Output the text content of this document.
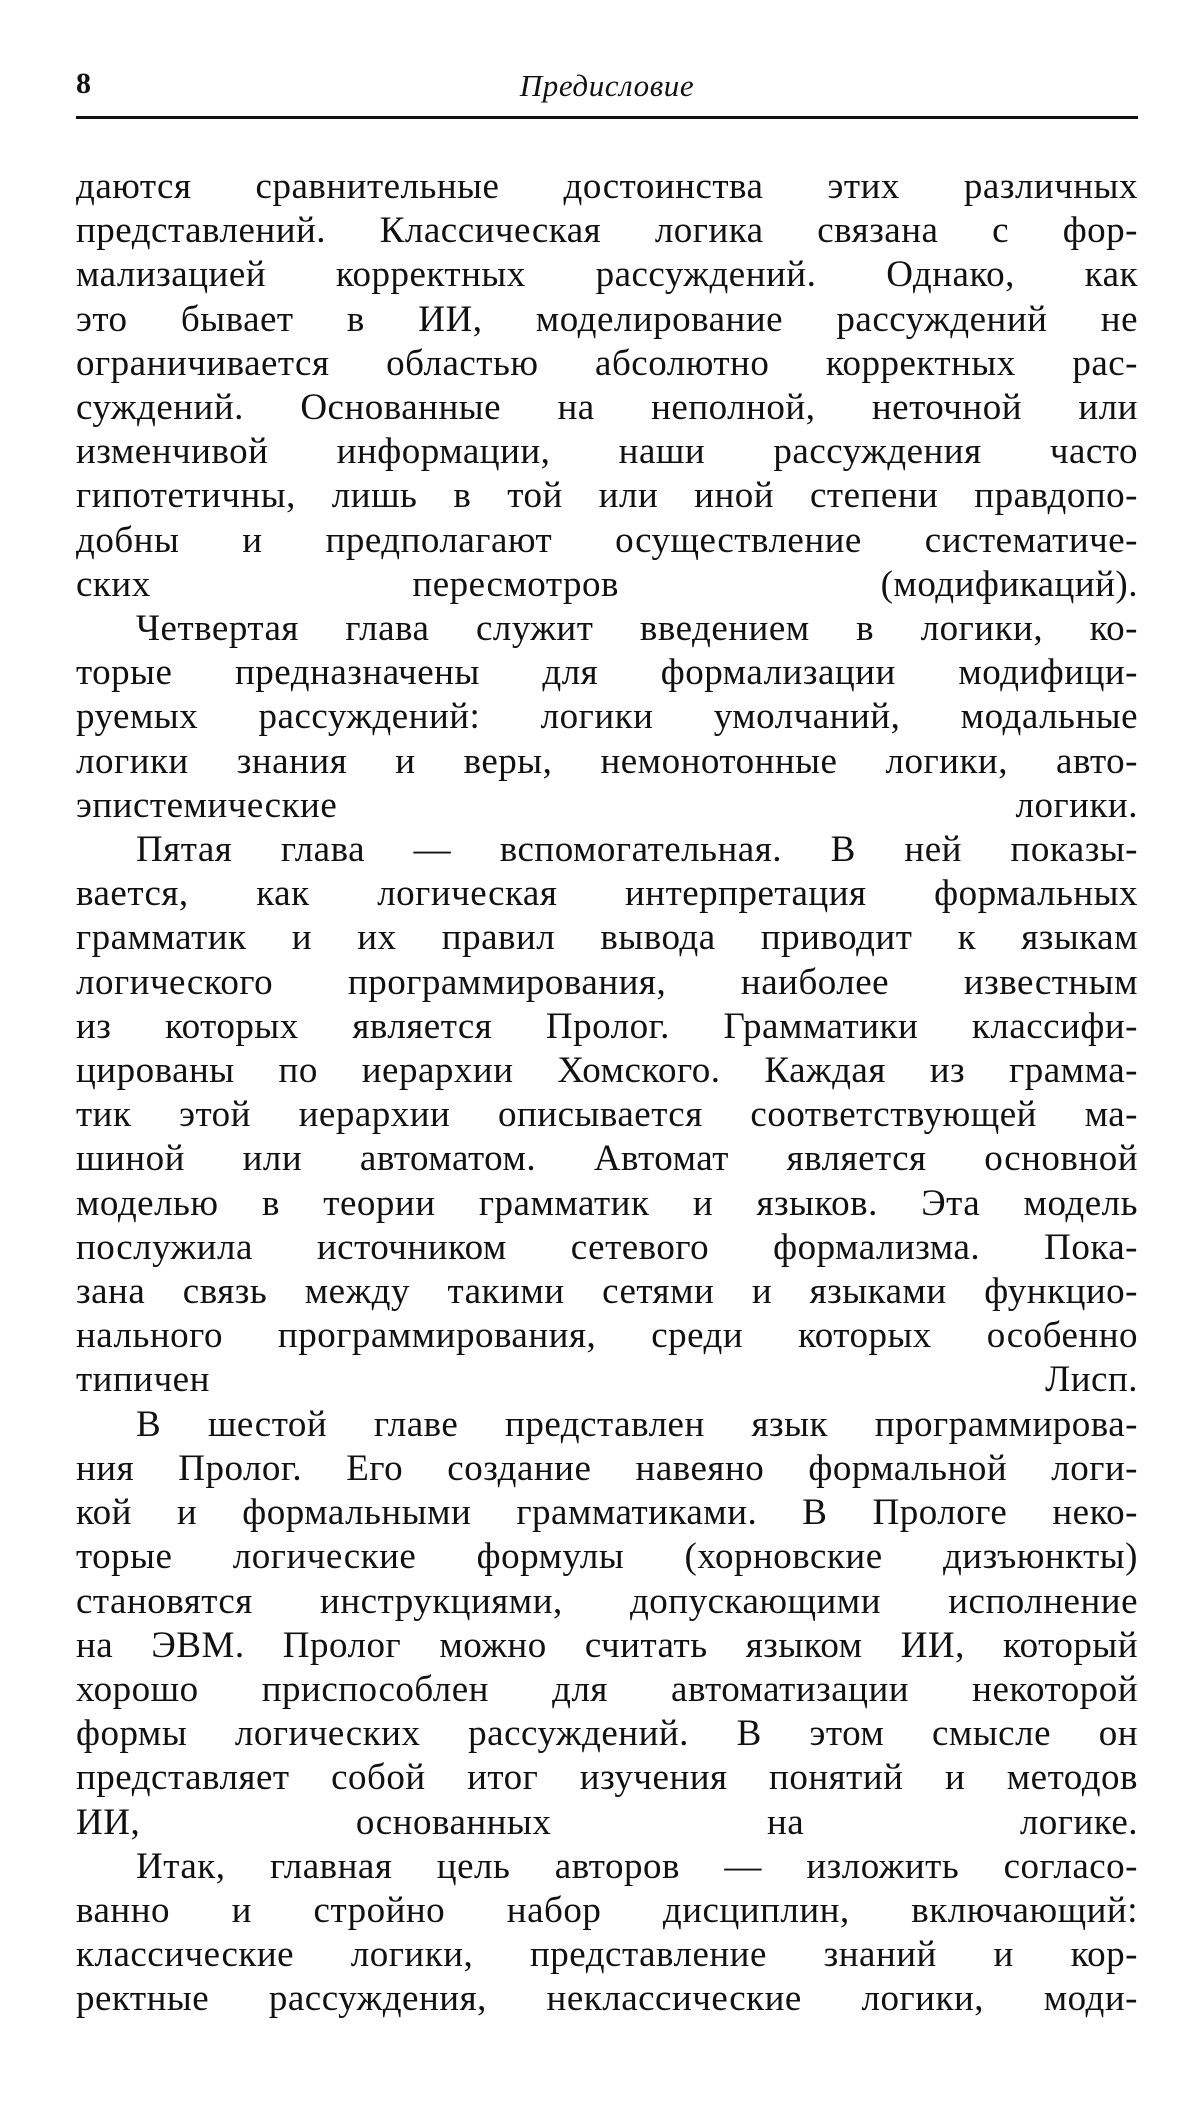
8	Предисловие

даются сравнительные достоинства этих различных
представлений. Классическая логика связана с фор-
мализацией корректных рассуждений. Однако, как
это бывает в ИИ, моделирование рассуждений не
ограничивается областью абсолютно корректных рас-
суждений. Основанные на неполной, неточной или
изменчивой информации, наши рассуждения часто
гипотетичны, лишь в той или иной степени правдопо-
добны и предполагают осуществление систематиче-
ских пересмотров (модификаций).

Четвертая глава служит введением в логики, ко-
торые предназначены для формализации модифици-
руемых рассуждений: логики умолчаний, модальные
логики знания и веры, немонотонные логики, авто-
эпистемические логики.

Пятая глава — вспомогательная. В ней показы-
вается, как логическая интерпретация формальных
грамматик и их правил вывода приводит к языкам
логического программирования, наиболее известным
из которых является Пролог. Грамматики классифи-
цированы по иерархии Хомского. Каждая из грамма-
тик этой иерархии описывается соответствующей ма-
шиной или автоматом. Автомат является основной
моделью в теории грамматик и языков. Эта модель
послужила источником сетевого формализма. Пока-
зана связь между такими сетями и языками функцио-
нального программирования, среди которых особенно
типичен Лисп.

В шестой главе представлен язык программирова-
ния Пролог. Его создание навеяно формальной логи-
кой и формальными грамматиками. В Прологе неко-
торые логические формулы (хорновские дизъюнкты)
становятся инструкциями, допускающими исполнение
на ЭВМ. Пролог можно считать языком ИИ, который
хорошо приспособлен для автоматизации некоторой
формы логических рассуждений. В этом смысле он
представляет собой итог изучения понятий и методов
ИИ, основанных на логике.

Итак, главная цель авторов — изложить согласо-
ванно и стройно набор дисциплин, включающий:
классические логики, представление знаний и кор-
ректные рассуждения, неклассические логики, моди-
